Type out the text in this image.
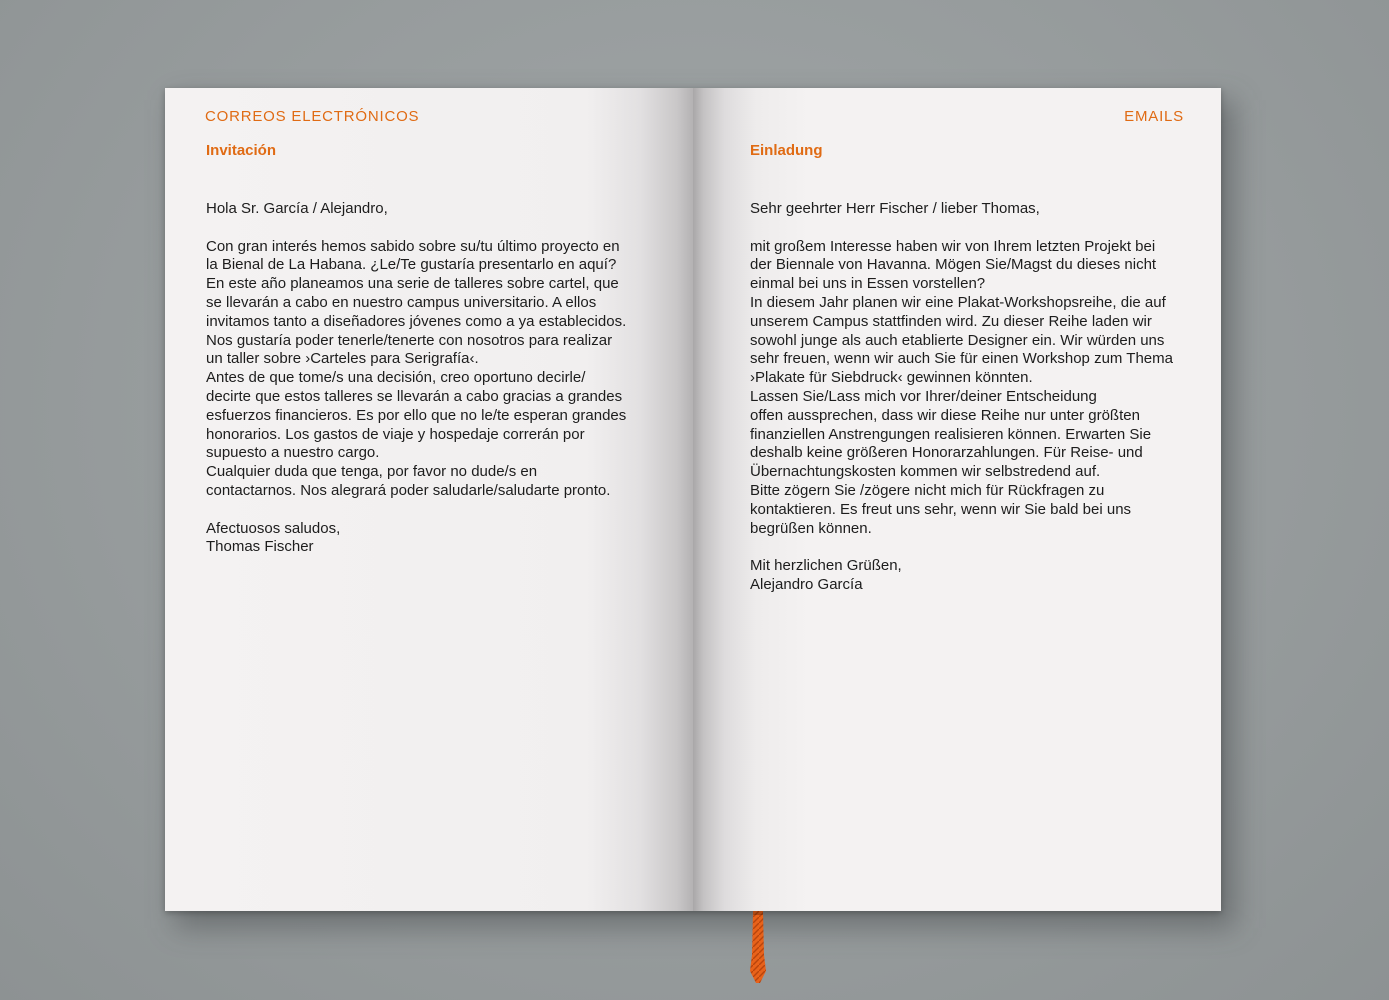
CORREOS ELECTRÓNICOS
Invitación

Hola Sr. García / Alejandro,

Con gran interés hemos sabido sobre su/tu último proyecto en
la Bienal de La Habana. ¿Le/Te gustaría presentarlo en aquí?
En este año planeamos una serie de talleres sobre cartel, que
se llevarán a cabo en nuestro campus universitario. A ellos
invitamos tanto a diseñadores jóvenes como a ya establecidos.
Nos gustaría poder tenerle/tenerte con nosotros para realizar
un taller sobre ›Carteles para Serigrafía‹.

Antes de que tome/s una decisión, creo oportuno decirle/
decirte que estos talleres se llevarán a cabo gracias a grandes
esfuerzos financieros. Es por ello que no le/te esperan grandes
honorarios. Los gastos de viaje y hospedaje correrán por
supuesto a nuestro cargo.

Cualquier duda que tenga, por favor no dude/s en
contactarnos. Nos alegrará poder saludarle/saludarte pronto.

Afectuosos saludos,

Thomas Fischer

EMAILS
Einladung

Sehr geehrter Herr Fischer / lieber Thomas,

mit großem Interesse haben wir von Ihrem letzten Projekt bei
der Biennale von Havanna. Mögen Sie/Magst du dieses nicht
einmal bei uns in Essen vorstellen?

In diesem Jahr planen wir eine Plakat-Workshopsreihe, die auf
unserem Campus stattfinden wird. Zu dieser Reihe laden wir
sowohl junge als auch etablierte Designer ein. Wir würden uns
sehr freuen, wenn wir auch Sie für einen Workshop zum Thema
›Plakate für Siebdruck‹ gewinnen könnten.

Lassen Sie/Lass mich vor Ihrer/deiner Entscheidung
offen aussprechen, dass wir diese Reihe nur unter größten
finanziellen Anstrengungen realisieren können. Erwarten Sie
deshalb keine größeren Honorarzahlungen. Für Reise- und
Übernachtungskosten kommen wir selbstredend auf.

Bitte zögern Sie /zögere nicht mich für Rückfragen zu
kontaktieren. Es freut uns sehr, wenn wir Sie bald bei uns
begrüßen können.

Mit herzlichen Grüßen,

Alejandro García
